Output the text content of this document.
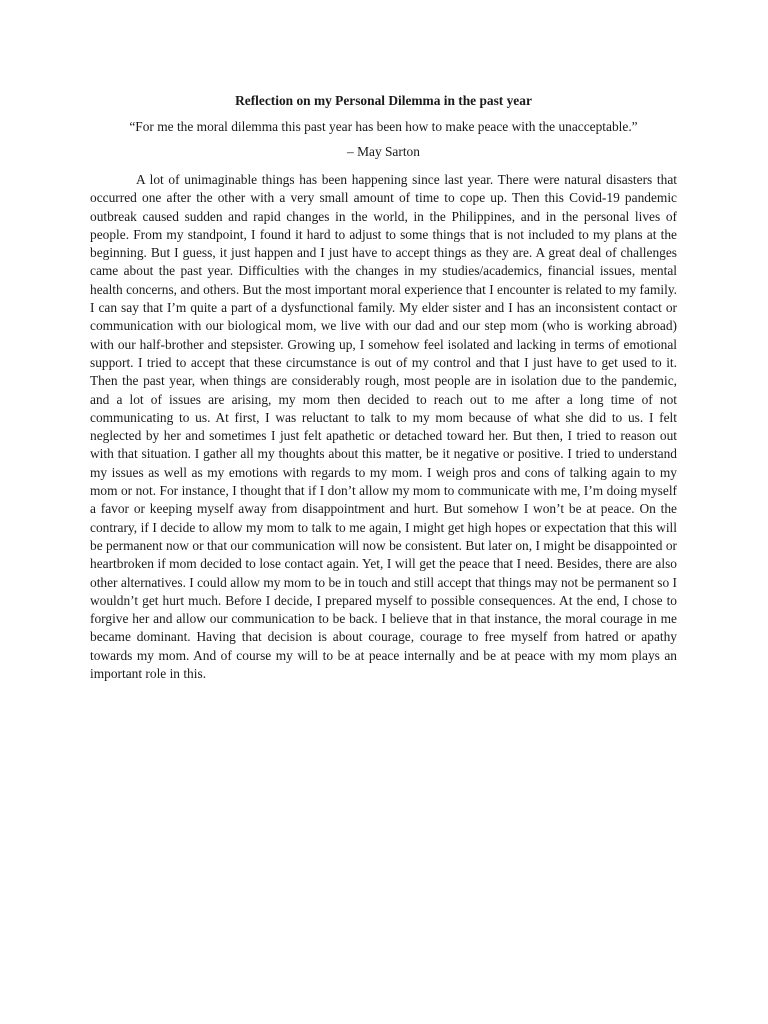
Reflection on my Personal Dilemma in the past year
“For me the moral dilemma this past year has been how to make peace with the unacceptable.”
– May Sarton

A lot of unimaginable things has been happening since last year. There were natural disasters that occurred one after the other with a very small amount of time to cope up. Then this Covid-19 pandemic outbreak caused sudden and rapid changes in the world, in the Philippines, and in the personal lives of people. From my standpoint, I found it hard to adjust to some things that is not included to my plans at the beginning. But I guess, it just happen and I just have to accept things as they are. A great deal of challenges came about the past year. Difficulties with the changes in my studies/academics, financial issues, mental health concerns, and others. But the most important moral experience that I encounter is related to my family. I can say that I’m quite a part of a dysfunctional family. My elder sister and I has an inconsistent contact or communication with our biological mom, we live with our dad and our step mom (who is working abroad) with our half-brother and stepsister. Growing up, I somehow feel isolated and lacking in terms of emotional support. I tried to accept that these circumstance is out of my control and that I just have to get used to it. Then the past year, when things are considerably rough, most people are in isolation due to the pandemic, and a lot of issues are arising, my mom then decided to reach out to me after a long time of not communicating to us. At first, I was reluctant to talk to my mom because of what she did to us. I felt neglected by her and sometimes I just felt apathetic or detached toward her. But then, I tried to reason out with that situation. I gather all my thoughts about this matter, be it negative or positive. I tried to understand my issues as well as my emotions with regards to my mom. I weigh pros and cons of talking again to my mom or not. For instance, I thought that if I don’t allow my mom to communicate with me, I’m doing myself a favor or keeping myself away from disappointment and hurt. But somehow I won’t be at peace. On the contrary, if I decide to allow my mom to talk to me again, I might get high hopes or expectation that this will be permanent now or that our communication will now be consistent. But later on, I might be disappointed or heartbroken if mom decided to lose contact again. Yet, I will get the peace that I need. Besides, there are also other alternatives. I could allow my mom to be in touch and still accept that things may not be permanent so I wouldn’t get hurt much. Before I decide, I prepared myself to possible consequences. At the end, I chose to forgive her and allow our communication to be back. I believe that in that instance, the moral courage in me became dominant. Having that decision is about courage, courage to free myself from hatred or apathy towards my mom. And of course my will to be at peace internally and be at peace with my mom plays an important role in this.
